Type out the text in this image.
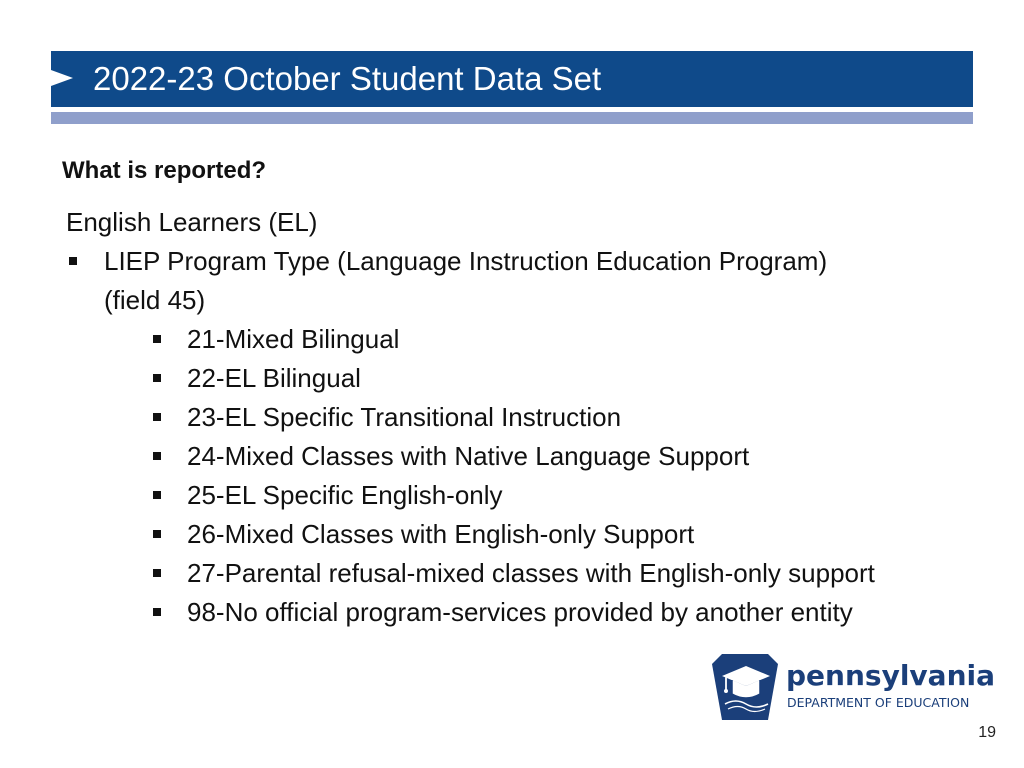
2022-23 October Student Data Set
What is reported?
English Learners (EL)
LIEP Program Type (Language Instruction Education Program)
(field 45)
21-Mixed Bilingual
22-EL Bilingual
23-EL Specific Transitional Instruction
24-Mixed Classes with Native Language Support
25-EL Specific English-only
26-Mixed Classes with English-only Support
27-Parental refusal-mixed classes with English-only support
98-No official program-services provided by another entity
pennsylvania
DEPARTMENT OF EDUCATION
19
